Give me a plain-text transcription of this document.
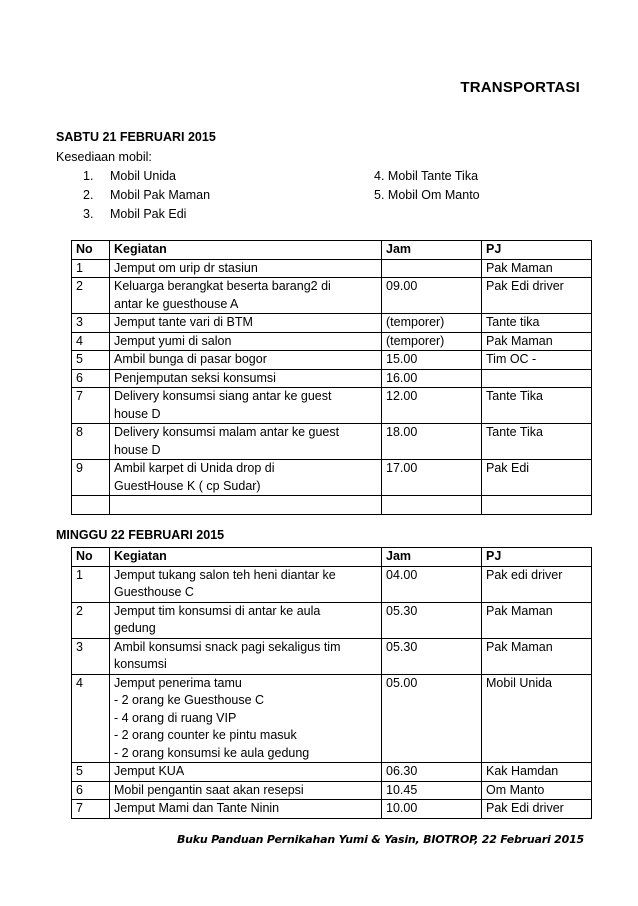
TRANSPORTASI
SABTU 21 FEBRUARI 2015
Kesediaan mobil:
1. Mobil Unida
2. Mobil Pak Maman
3. Mobil Pak Edi
4. Mobil Tante Tika
5. Mobil Om Manto
No	Kegiatan	Jam	PJ
1	Jemput om urip dr stasiun		Pak Maman
2	Keluarga berangkat beserta barang2 di
antar ke guesthouse A	09.00	Pak Edi driver
3	Jemput tante vari di BTM	(temporer)	Tante tika
4	Jemput yumi di salon	(temporer)	Pak Maman
5	Ambil bunga di pasar bogor	15.00	Tim OC -
6	Penjemputan seksi konsumsi	16.00	
7	Delivery konsumsi siang antar ke guest
house D	12.00	Tante Tika
8	Delivery konsumsi malam antar ke guest
house D	18.00	Tante Tika
9	Ambil karpet di Unida drop di
GuestHouse K ( cp Sudar)	17.00	Pak Edi

MINGGU 22 FEBRUARI 2015
No	Kegiatan	Jam	PJ
1	Jemput tukang salon teh heni diantar ke
Guesthouse C	04.00	Pak edi driver
2	Jemput tim konsumsi di antar ke aula
gedung	05.30	Pak Maman
3	Ambil konsumsi snack pagi sekaligus tim
konsumsi	05.30	Pak Maman
4	Jemput penerima tamu
- 2 orang ke Guesthouse C
- 4 orang di ruang VIP
- 2 orang counter ke pintu masuk
- 2 orang konsumsi ke aula gedung	05.00	Mobil Unida
5	Jemput KUA	06.30	Kak Hamdan
6	Mobil pengantin saat akan resepsi	10.45	Om Manto
7	Jemput Mami dan Tante Ninin	10.00	Pak Edi driver
Buku Panduan Pernikahan Yumi & Yasin, BIOTROP, 22 Februari 2015
